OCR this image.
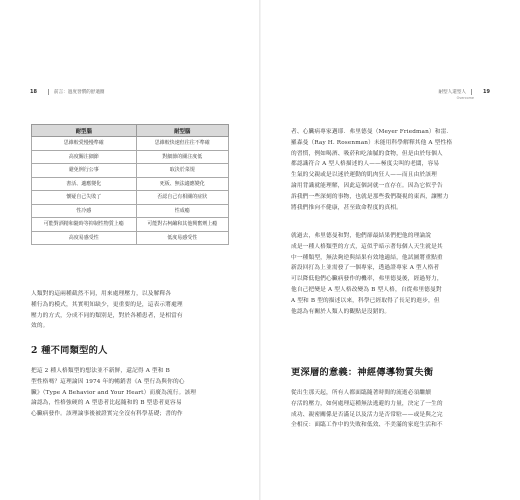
18	前言：過度習慣的舒適圈	耐型人還型人	19
Overcome
耐型腦	耐型腦
思維較愛慢慢準確	思維較快速但往往不準確
高度關注細節	對細節的關注度低
避免例行公事	取決於菜規
書活、適應變化	死板、無法適應變化
懷疑自己失敗了	否認自己有相關的症狀
性冷感	性成瘾
可能對酒精和隨時等抑制性物質上瘾	可能對古柯鹼和其他興奮劑上瘾
高度易感受性	低度易感受性
人類對的這兩種截然不同，用來處理壓力，以及解釋各
種行為的模式，其實明知缺少，更重要的是，這表示將處理
壓力的方式，分成不同的類別是，對於各種患者，是相當有
效的。
2 種不同類型的人
把這 2 種人格類型的想法並不新鮮，還記得 A 型和 B
型性格嗎？這理論因 1974 年的暢銷書《A 型行為與你的心
臟》（Type A Behavior and Your Heart）而廣為流行。該理
論認為，性格強硬的 A 型患者比起隨和的 B 型患者更容易
心臟病發作。該理論事後被證實完全沒有科學基礎；書的作
者、心臟病專家邁耶．弗里德曼（Meyer Friedman）和雷．
羅森曼（Ray H. Rosenman）未能用科學解釋其他 A 型性格
的習慣，例如喝酒、吸菸和吃油膩的食物，但是由於每個人
都認識符合 A 型人格描述的人——極度尖叫的老闆，容易
生氣的父親或是以迷於運動的肌肉狂人——而且由於該理
論用背識就能理解，因此這個詞就一直存在。因為它似乎告
訴我們一些深刻的事物，也就是那些我們凝視的東西，讓壓力
將我們推向不健康，甚至致命程度的真相。
就過去，弗里德曼和對，他們卻最結果們把他的理論說
成是一種人格類型的方式，這似乎暗示著每個人天生就是其
中一種類型，無法夠逆與結果有效地適結，他試圖將重點重
新設回打為上並需發了一個專家，透過證專家 A 型人格者
可以降低他們心臟病發作的機率，弗里德曼後，經過努力，
他自己把變是 A 型人格改變為 B 型人格，自從弗里德曼對
A 型和 B 型的描述以來，科學已經取得了長足的進步，但
他認為有關於人類人的觀點是沒錯的。
更深層的意義：神經傳導物質失衡
從出生那天起，所有人都面臨隨著時間的流逝必須繼續
存活的壓力，如何處理這種無法逃避的力量，決定了一生的
成功、親密關係是否滿足以及活力是否常駐——或是與之完
全相反：面臨工作中的失敗和低效、不美滿的家庭生活和不
